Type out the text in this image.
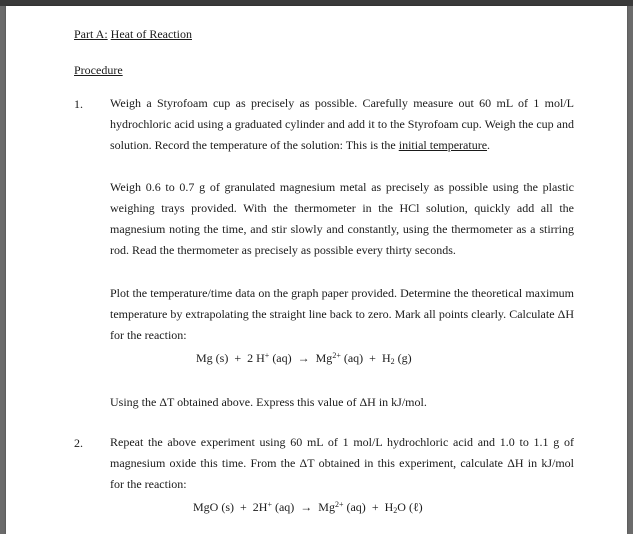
Part A: Heat of Reaction
Procedure
1. Weigh a Styrofoam cup as precisely as possible. Carefully measure out 60 mL of 1 mol/L hydrochloric acid using a graduated cylinder and add it to the Styrofoam cup. Weigh the cup and solution. Record the temperature of the solution: This is the initial temperature.
Weigh 0.6 to 0.7 g of granulated magnesium metal as precisely as possible using the plastic weighing trays provided. With the thermometer in the HCl solution, quickly add all the magnesium noting the time, and stir slowly and constantly, using the thermometer as a stirring rod. Read the thermometer as precisely as possible every thirty seconds.
Plot the temperature/time data on the graph paper provided. Determine the theoretical maximum temperature by extrapolating the straight line back to zero. Mark all points clearly. Calculate ΔH for the reaction:
Mg (s) + 2 H+ $(aq) \to Mg^{2+}$ $(aq) + H_2$ (g)
Using the ΔT obtained above. Express this value of ΔH in kJ/mol.
2. Repeat the above experiment using 60 mL of 1 mol/L hydrochloric acid and 1.0 to 1.1 g of magnesium oxide this time. From the ΔT obtained in this experiment, calculate ΔH in kJ/mol for the reaction:
MgO (s) + 2H+ $(aq) \to Mg^{2+}$ $(aq) + H_2O$ (ℓ)
